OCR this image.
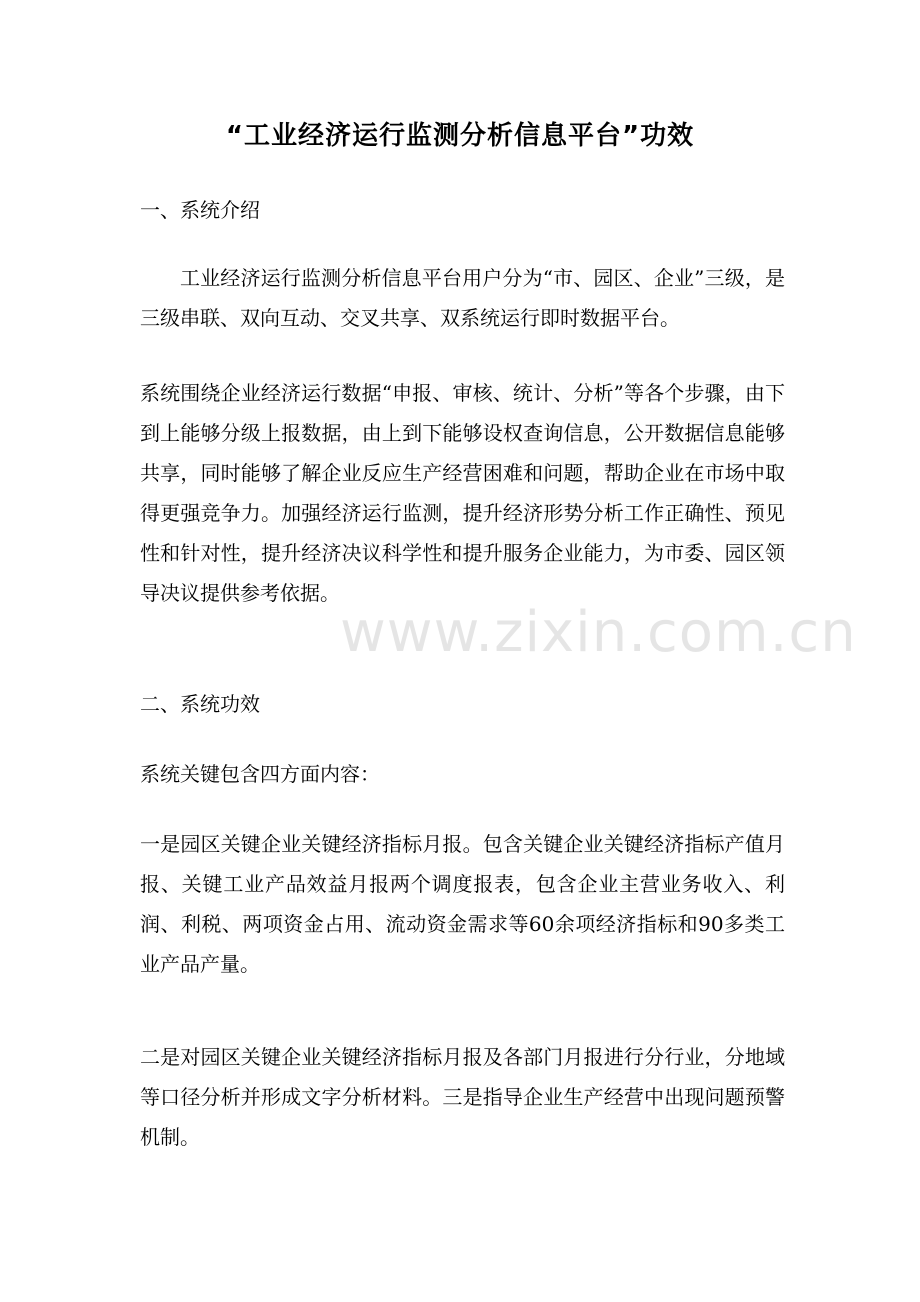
“工业经济运行监测分析信息平台”功效
一、系统介绍
工业经济运行监测分析信息平台用户分为“市、园区、企业”三级，是三级串联、双向互动、交叉共享、双系统运行即时数据平台。
系统围绕企业经济运行数据“申报、审核、统计、分析”等各个步骤，由下到上能够分级上报数据，由上到下能够设权查询信息，公开数据信息能够共享，同时能够了解企业反应生产经营困难和问题，帮助企业在市场中取得更强竞争力。加强经济运行监测，提升经济形势分析工作正确性、预见性和针对性，提升经济决议科学性和提升服务企业能力，为市委、园区领导决议提供参考依据。
二、系统功效
系统关键包含四方面内容：
一是园区关键企业关键经济指标月报。包含关键企业关键经济指标产值月报、关键工业产品效益月报两个调度报表，包含企业主营业务收入、利润、利税、两项资金占用、流动资金需求等60余项经济指标和90多类工业产品产量。
二是对园区关键企业关键经济指标月报及各部门月报进行分行业，分地域等口径分析并形成文字分析材料。三是指导企业生产经营中出现问题预警机制。
www.zixin.com.cn
